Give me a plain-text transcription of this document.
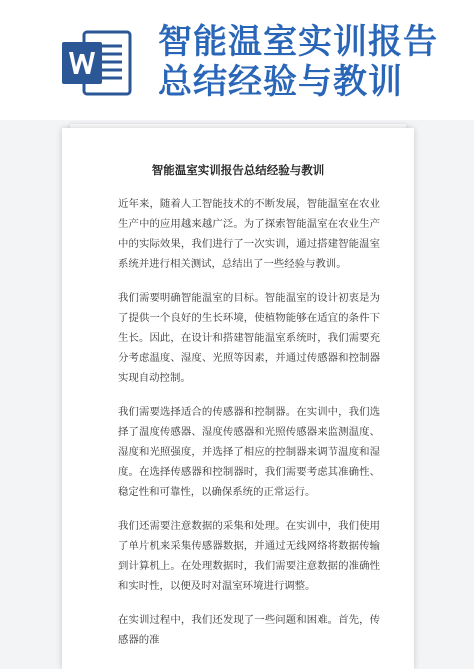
智能温室实训报告
总结经验与教训
智能温室实训报告总结经验与教训

近年来，随着人工智能技术的不断发展，智能温室在农业生产中的应用越来越广泛。为了探索智能温室在农业生产中的实际效果，我们进行了一次实训，通过搭建智能温室系统并进行相关测试，总结出了一些经验与教训。

我们需要明确智能温室的目标。智能温室的设计初衷是为了提供一个良好的生长环境，使植物能够在适宜的条件下生长。因此，在设计和搭建智能温室系统时，我们需要充分考虑温度、湿度、光照等因素，并通过传感器和控制器实现自动控制。

我们需要选择适合的传感器和控制器。在实训中，我们选择了温度传感器、湿度传感器和光照传感器来监测温度、湿度和光照强度，并选择了相应的控制器来调节温度和湿度。在选择传感器和控制器时，我们需要考虑其准确性、稳定性和可靠性，以确保系统的正常运行。

我们还需要注意数据的采集和处理。在实训中，我们使用了单片机来采集传感器数据，并通过无线网络将数据传输到计算机上。在处理数据时，我们需要注意数据的准确性和实时性，以便及时对温室环境进行调整。

在实训过程中，我们还发现了一些问题和困难。首先，传感器的准
